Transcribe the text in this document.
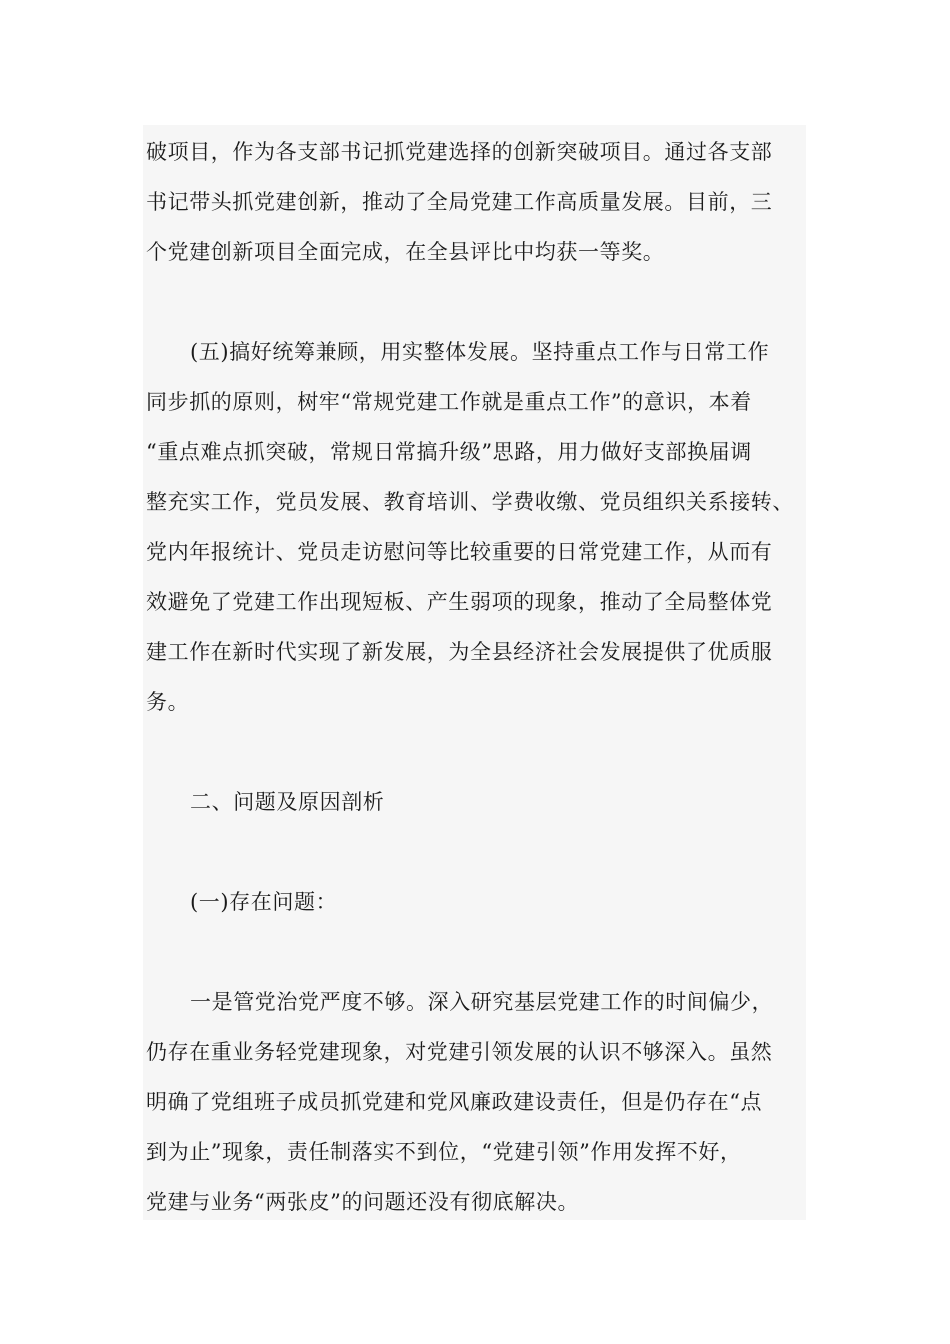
破项目，作为各支部书记抓党建选择的创新突破项目。通过各支部
书记带头抓党建创新，推动了全局党建工作高质量发展。目前，三
个党建创新项目全面完成，在全县评比中均获一等奖。
(五)搞好统筹兼顾，用实整体发展。坚持重点工作与日常工作
同步抓的原则，树牢“常规党建工作就是重点工作”的意识，本着
“重点难点抓突破，常规日常搞升级”思路，用力做好支部换届调
整充实工作，党员发展、教育培训、学费收缴、党员组织关系接转、
党内年报统计、党员走访慰问等比较重要的日常党建工作，从而有
效避免了党建工作出现短板、产生弱项的现象，推动了全局整体党
建工作在新时代实现了新发展，为全县经济社会发展提供了优质服
务。
二、问题及原因剖析
(一)存在问题：
一是管党治党严度不够。深入研究基层党建工作的时间偏少，
仍存在重业务轻党建现象，对党建引领发展的认识不够深入。虽然
明确了党组班子成员抓党建和党风廉政建设责任，但是仍存在“点
到为止”现象，责任制落实不到位，“党建引领”作用发挥不好，
党建与业务“两张皮”的问题还没有彻底解决。
